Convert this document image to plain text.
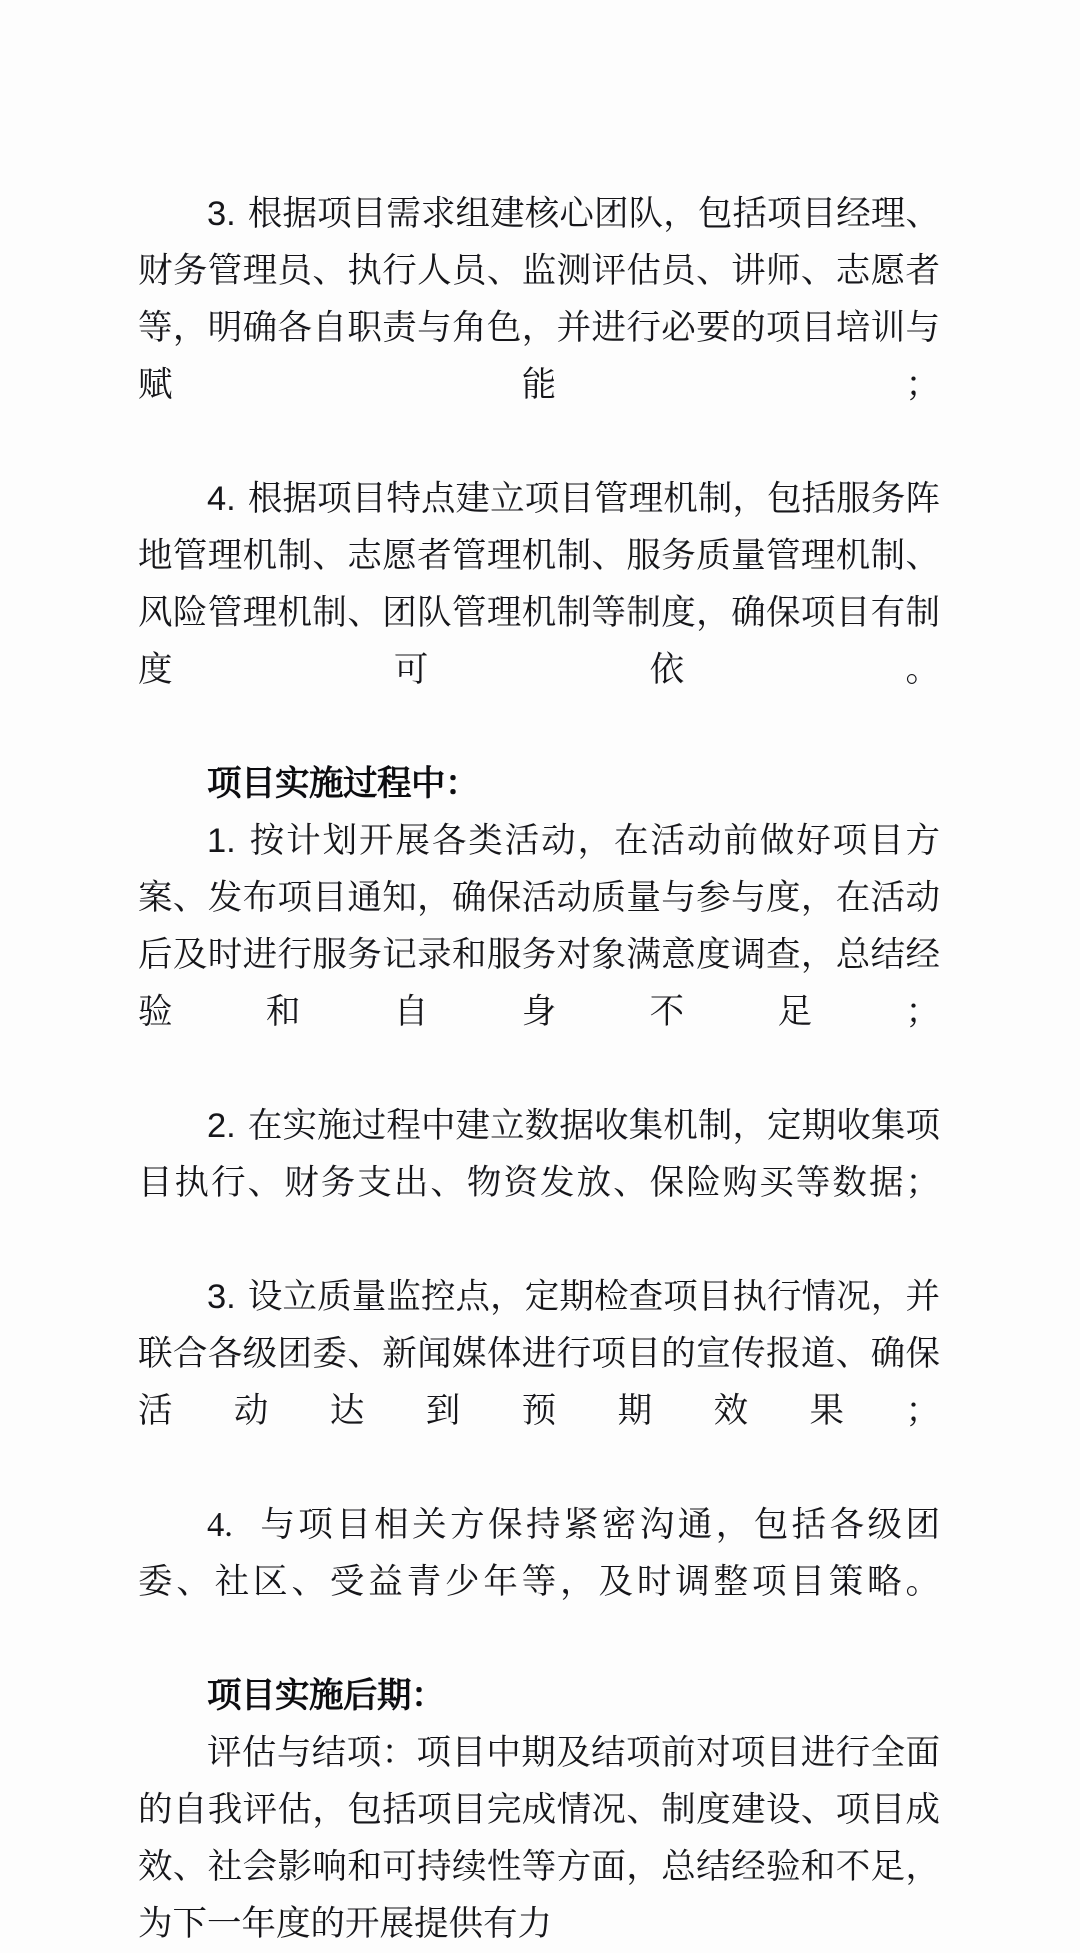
3. 根据项目需求组建核心团队，包括项目经理、财务管理员、执行人员、监测评估员、讲师、志愿者等，明确各自职责与角色，并进行必要的项目培训与赋能；

4. 根据项目特点建立项目管理机制，包括服务阵地管理机制、志愿者管理机制、服务质量管理机制、风险管理机制、团队管理机制等制度，确保项目有制度可依。

项目实施过程中：

1. 按计划开展各类活动，在活动前做好项目方案、发布项目通知，确保活动质量与参与度，在活动后及时进行服务记录和服务对象满意度调查，总结经验和自身不足；

2. 在实施过程中建立数据收集机制，定期收集项目执行、财务支出、物资发放、保险购买等数据；

3. 设立质量监控点，定期检查项目执行情况，并联合各级团委、新闻媒体进行项目的宣传报道、确保活动达到预期效果；

4. 与项目相关方保持紧密沟通，包括各级团委、社区、受益青少年等，及时调整项目策略。

项目实施后期：

评估与结项：项目中期及结项前对项目进行全面的自我评估，包括项目完成情况、制度建设、项目成效、社会影响和可持续性等方面，总结经验和不足，为下一年度的开展提供有力
